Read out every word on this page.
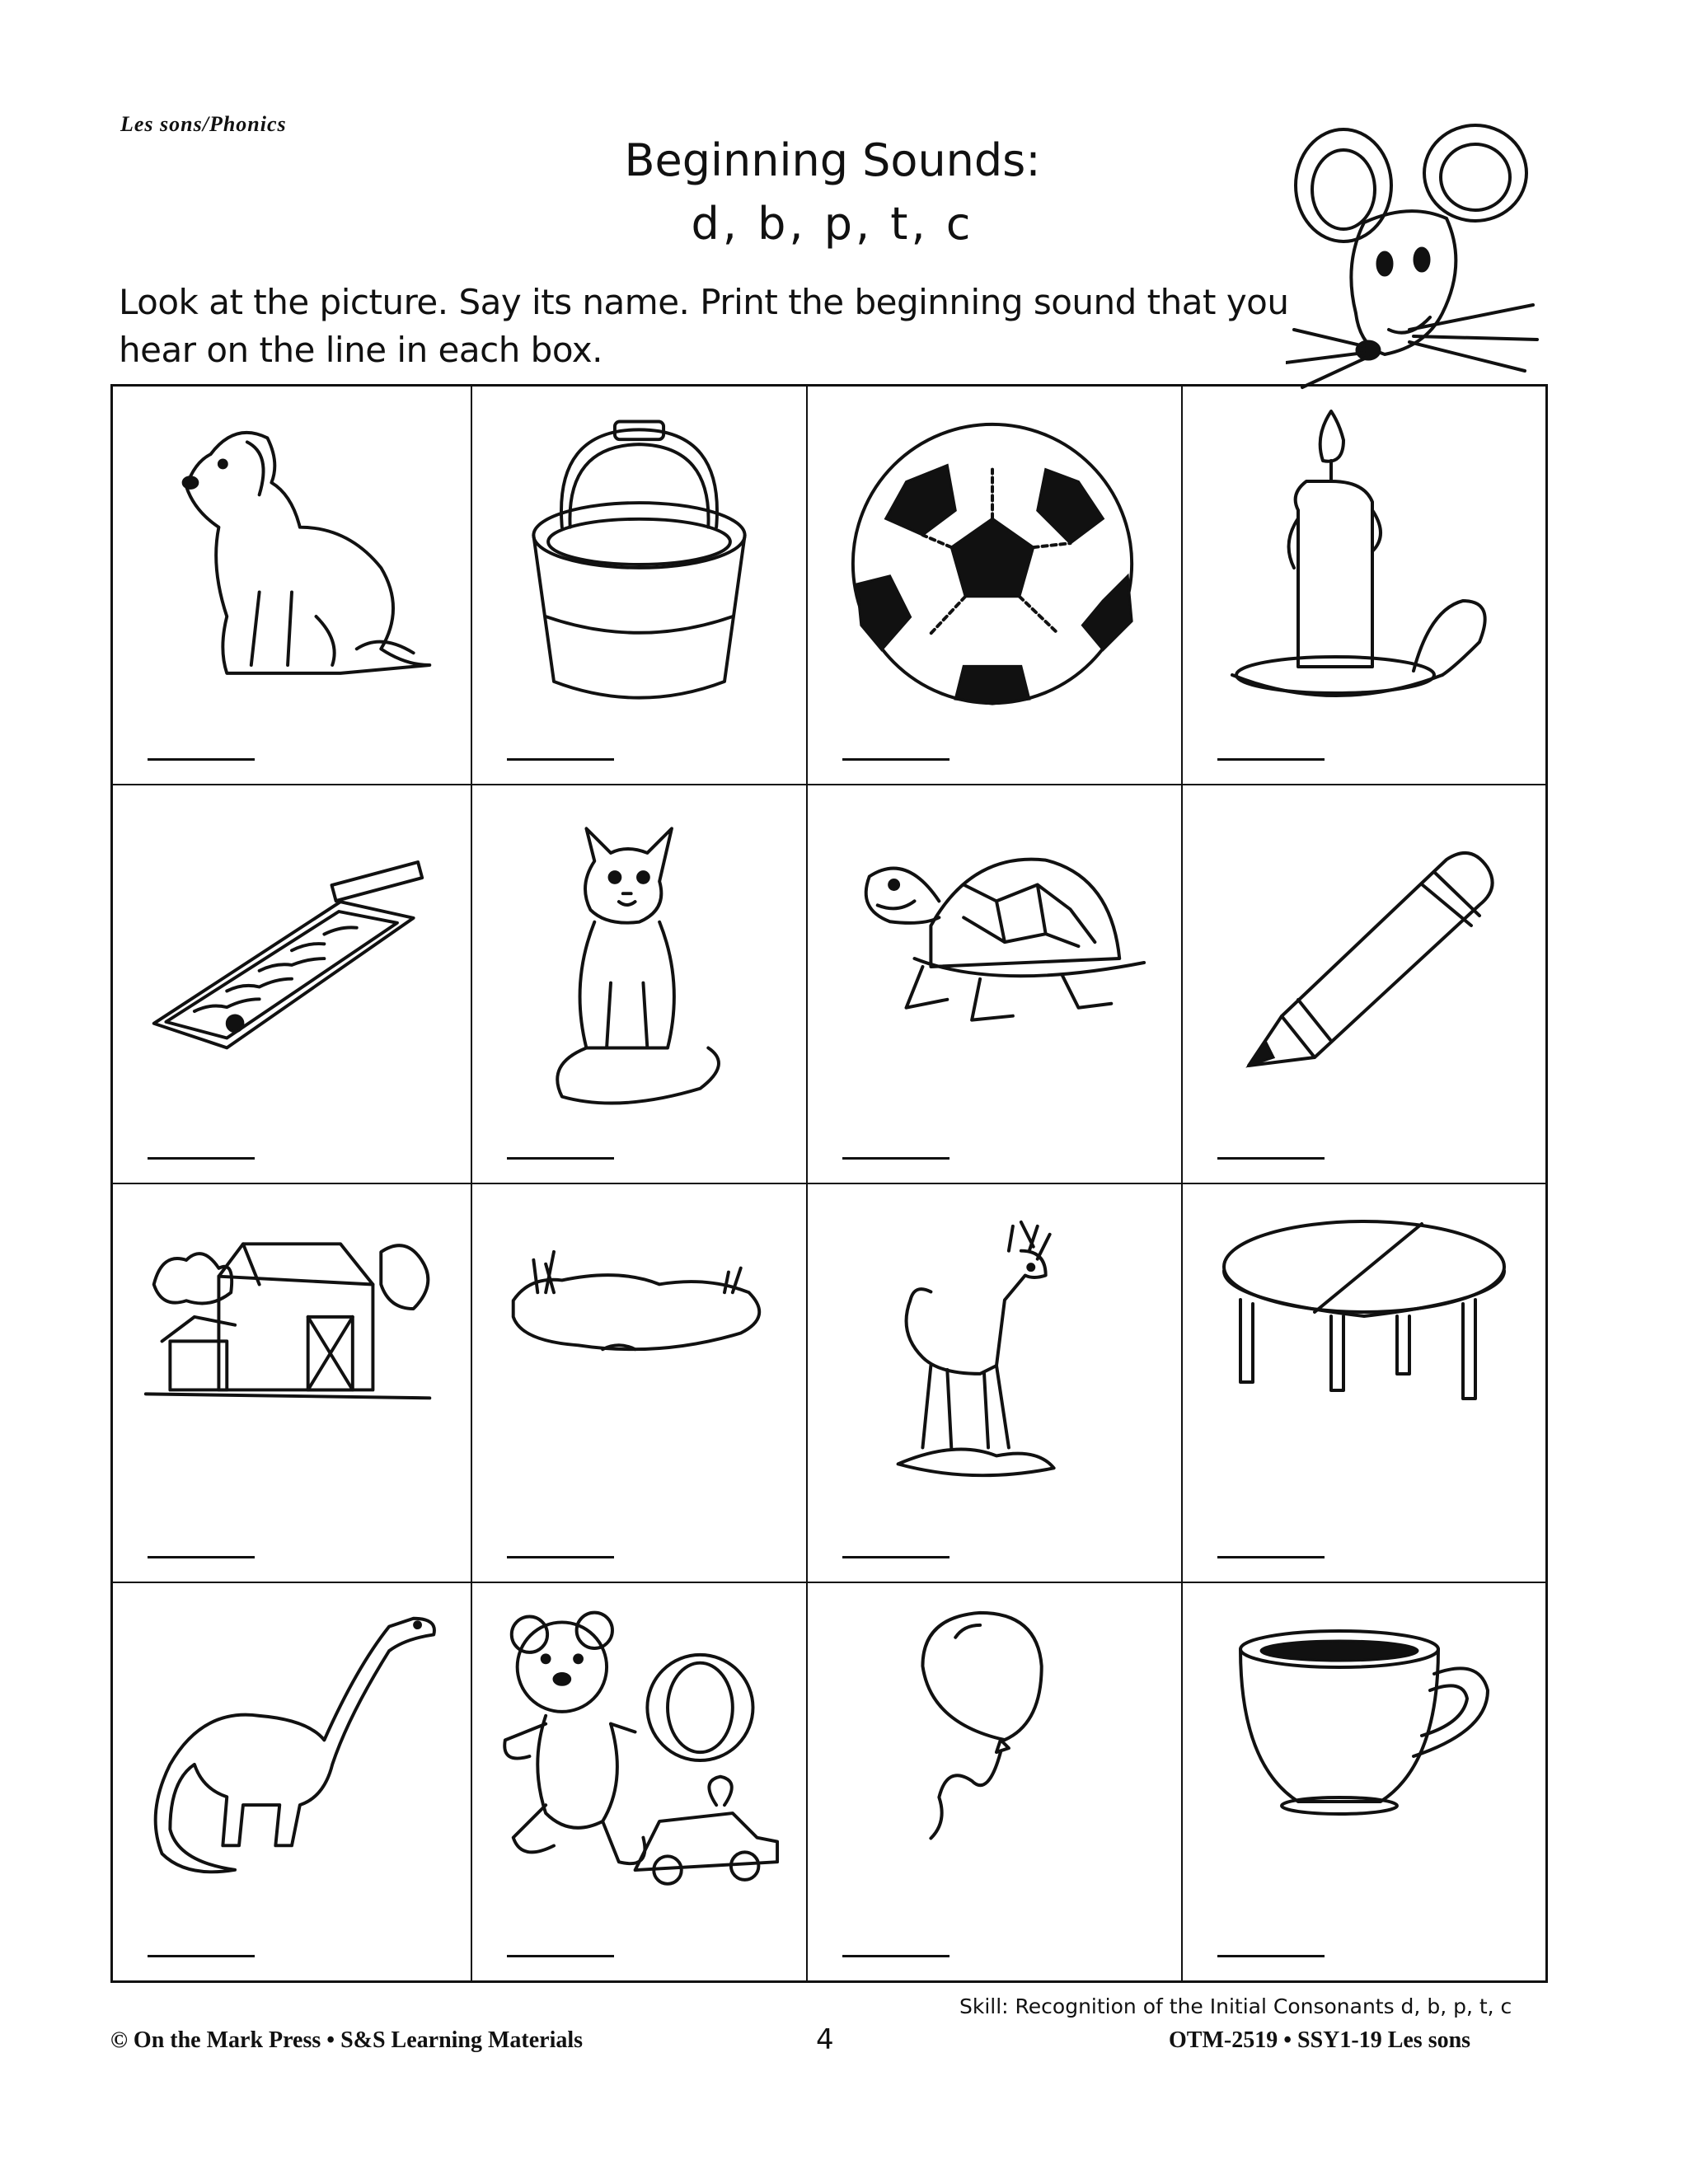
Les sons/Phonics
Beginning Sounds:
d, b, p, t, c
Look at the picture. Say its name. Print the beginning sound that you hear on the line in each box.
Skill: Recognition of the Initial Consonants d, b, p, t, c
© On the Mark Press • S&S Learning Materials	4	OTM-2519 • SSY1-19 Les sons
